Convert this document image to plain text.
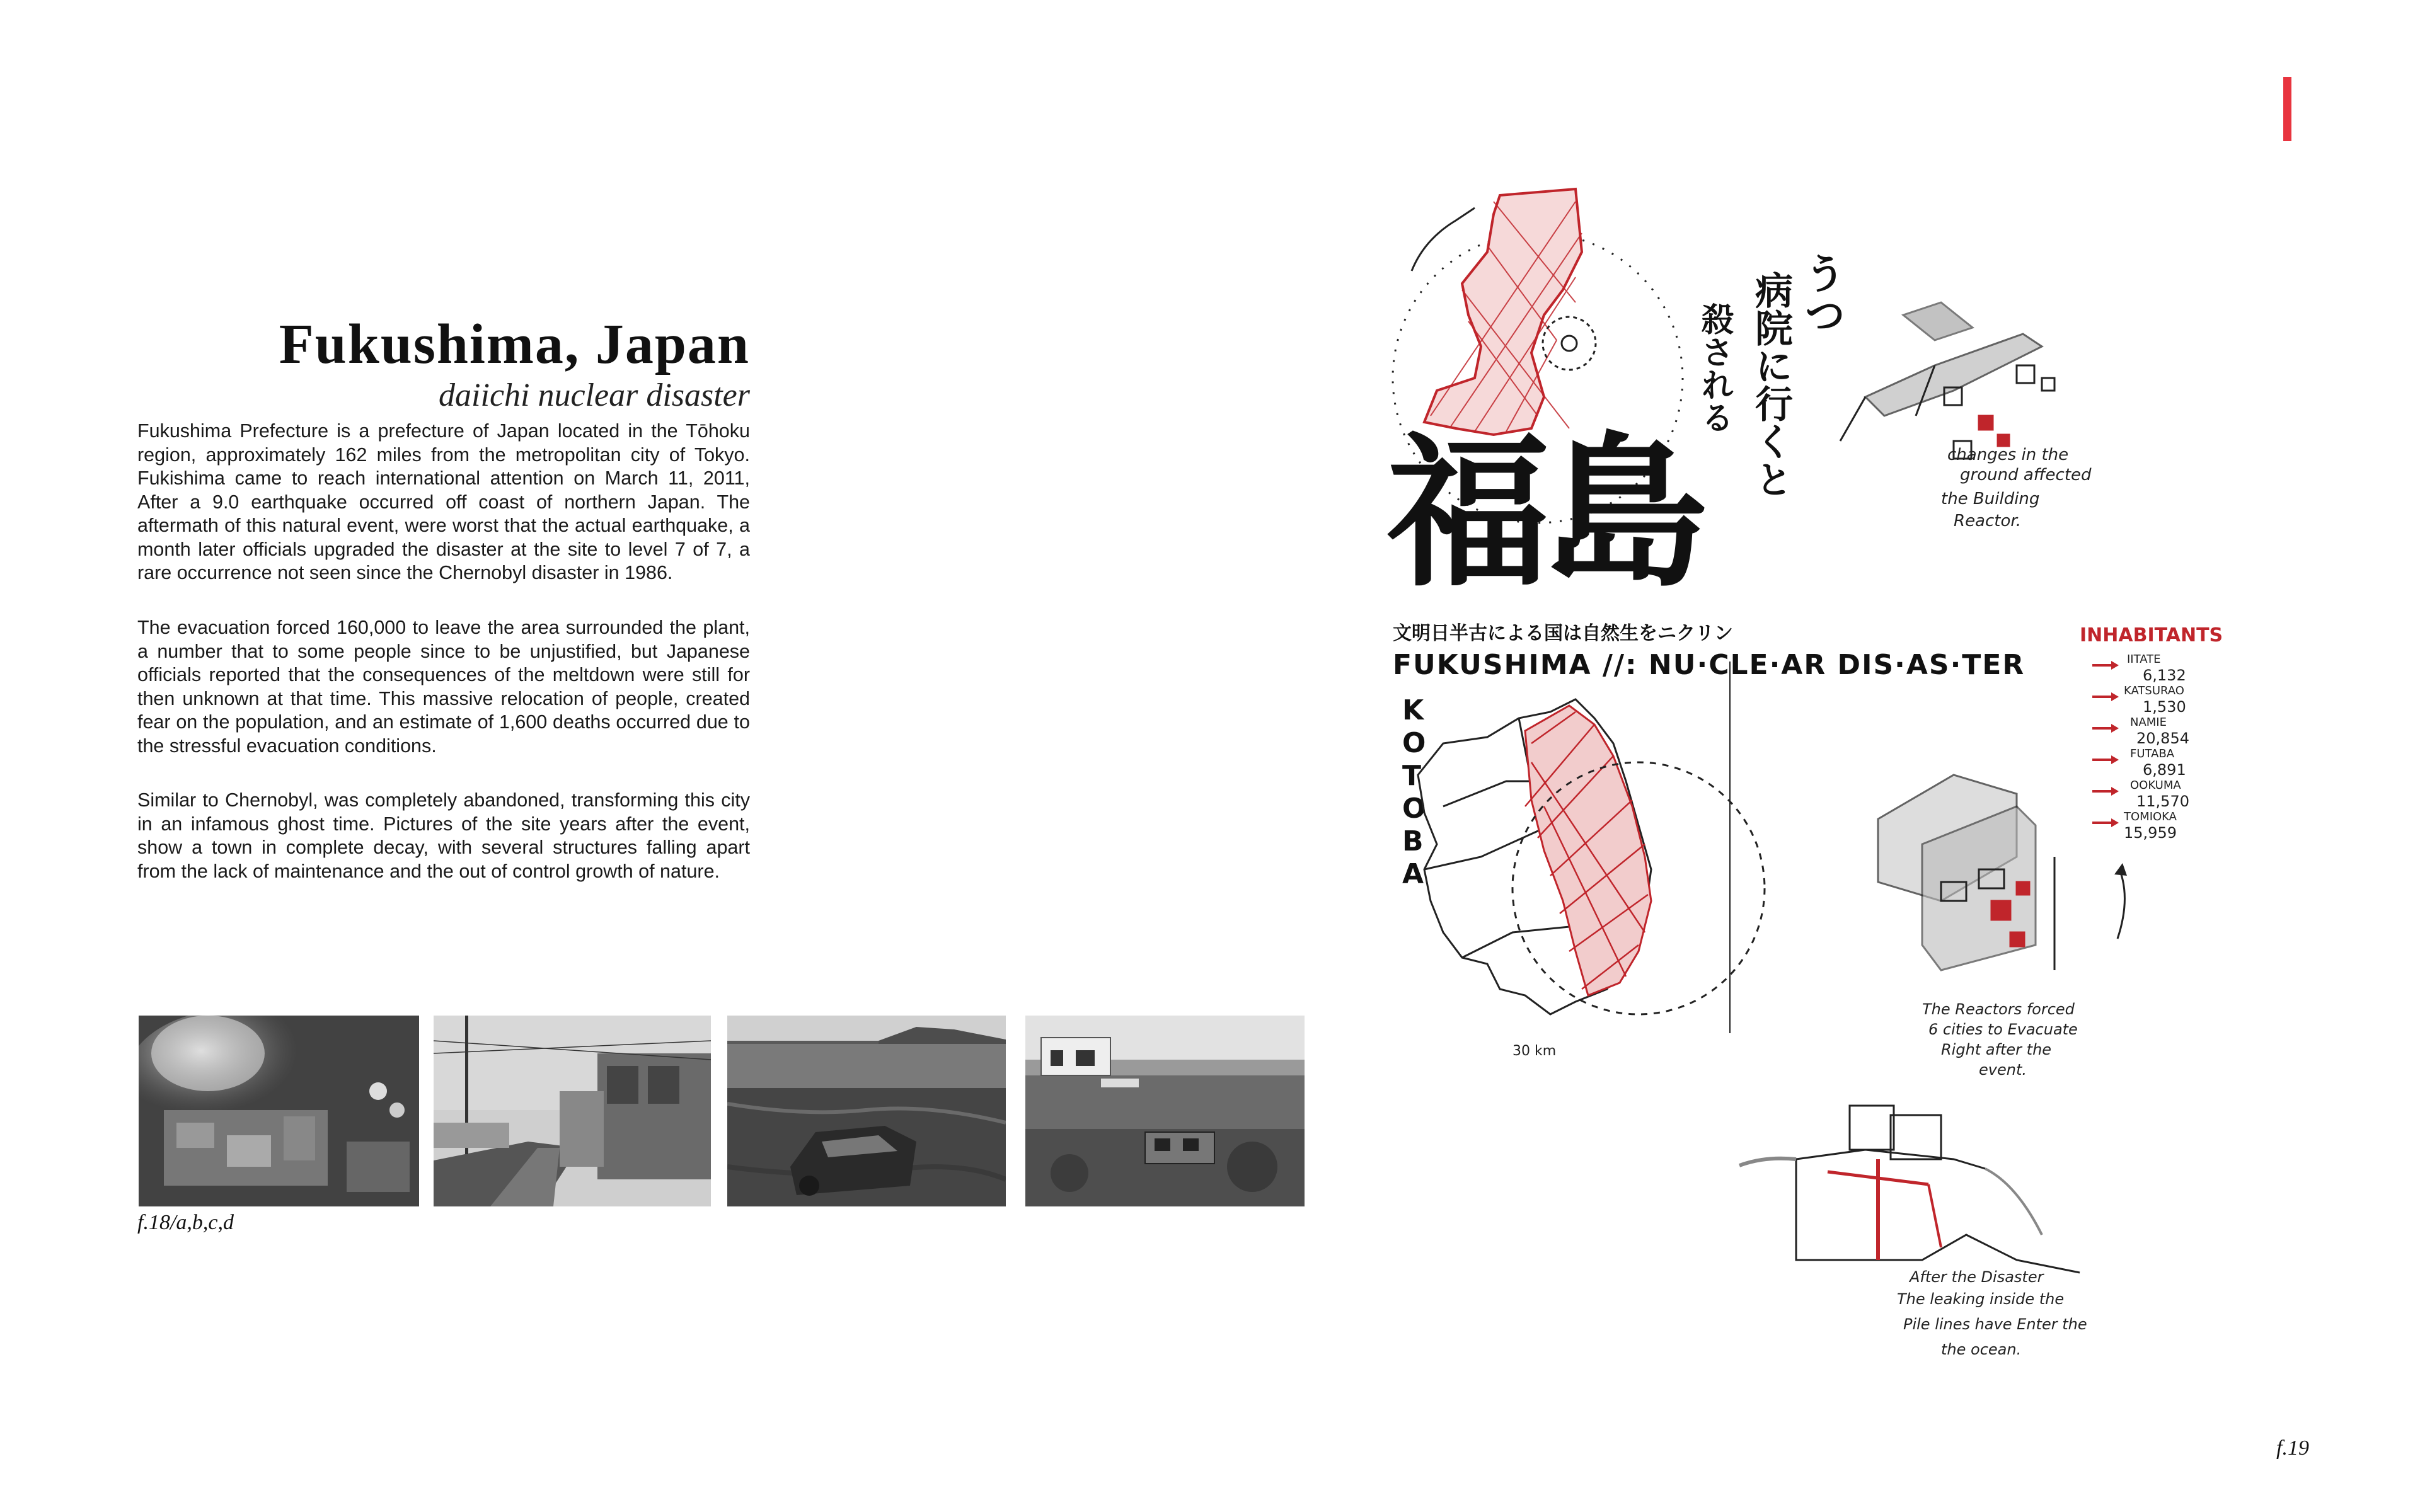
Fukushima, Japan
daiichi nuclear disaster

Fukushima Prefecture is a prefecture of Japan located in the Tōhoku region, approximately 162 miles from the metropolitan city of Tokyo. Fukishima came to reach international attention on March 11, 2011, After a 9.0 earthquake occurred off coast of northern Japan. The aftermath of this natural event, were worst that the actual earthquake, a month later officials upgraded the disaster at the site to level 7 of 7, a rare occurrence not seen since the Chernobyl disaster in 1986.

The evacuation forced 160,000 to leave the area surrounded the plant, a number that to some people since to be unjustified, but Japanese officials reported that the consequences of the meltdown were still for then unknown at that time. This massive relocation of people, created fear on the population, and an estimate of 1,600 deaths occurred due to the stressful evacuation conditions.

Similar to Chernobyl, was completely abandoned, transforming this city in an infamous ghost time. Pictures of the site years after the event, show a town in complete decay, with several structures falling apart from the lack of maintenance and the out of control growth of nature.

f.18/a,b,c,d
うつ
病院に行くと
殺される
changes in the
ground affected
the Building
Reactor.
福島
文明日半古による国は自然生をニクリン
FUKUSHIMA //: NU·CLE·AR DIS·AS·TER
K
O
T
O
B
A
INHABITANTS
IITATE
6,132
KATSURAO
1,530
NAMIE
20,854
FUTABA
6,891
OOKUMA
11,570
TOMIOKA
15,959
30 km
The Reactors forced
6 cities to Evacuate
Right after the
event.
After the Disaster
The leaking inside the
Pile lines have Enter the
the ocean.
f.19
